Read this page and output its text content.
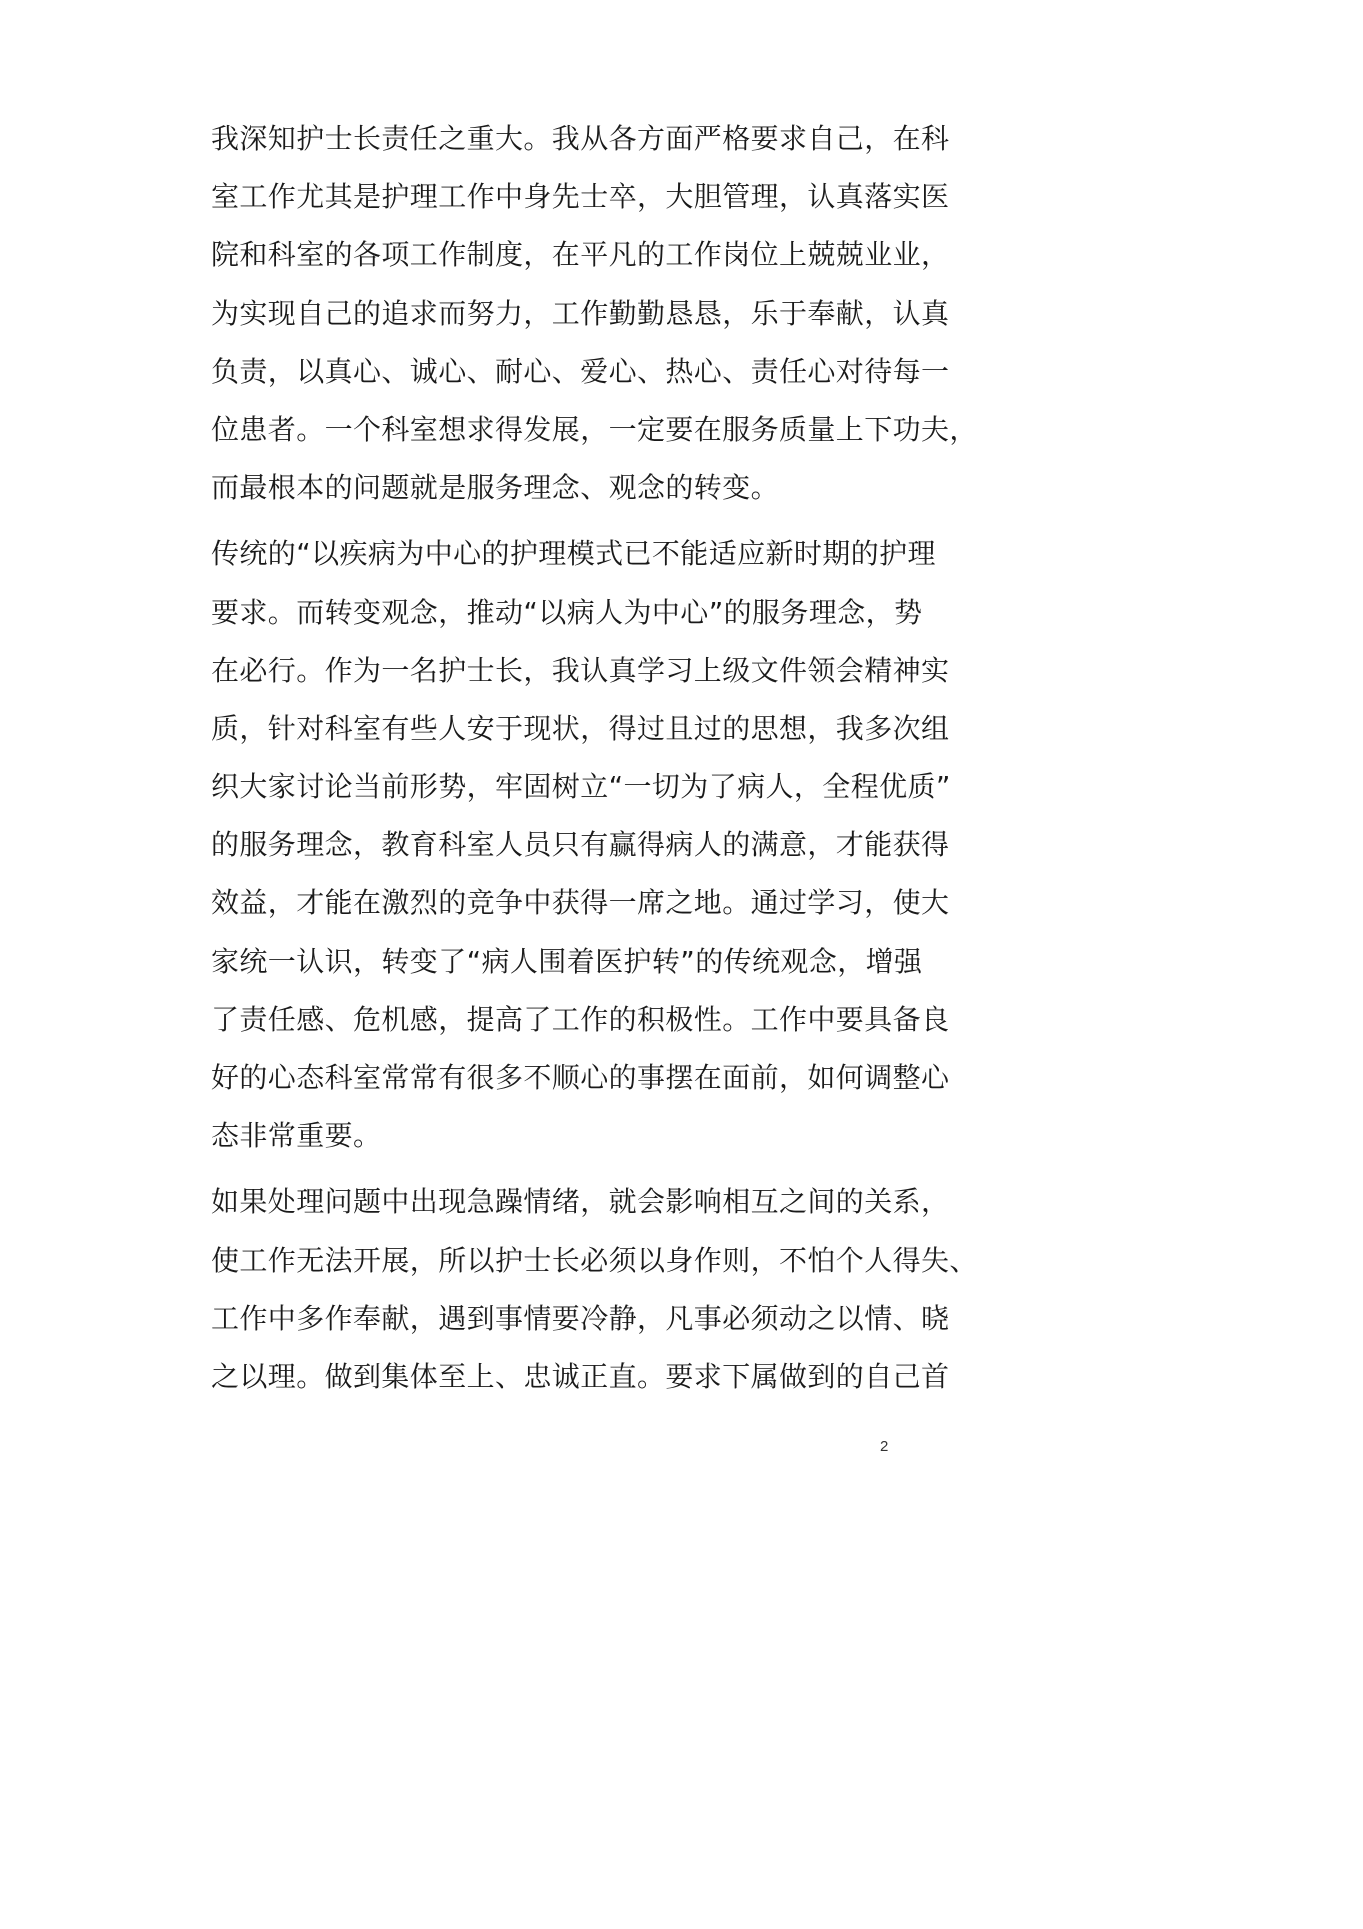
我深知护士长责任之重大。我从各方面严格要求自己，在科
室工作尤其是护理工作中身先士卒，大胆管理，认真落实医
院和科室的各项工作制度，在平凡的工作岗位上兢兢业业，
为实现自己的追求而努力，工作勤勤恳恳，乐于奉献，认真
负责，以真心、诚心、耐心、爱心、热心、责任心对待每一
位患者。一个科室想求得发展，一定要在服务质量上下功夫，
而最根本的问题就是服务理念、观念的转变。

传统的“以疾病为中心的护理模式已不能适应新时期的护理
要求。而转变观念，推动“以病人为中心”的服务理念，势
在必行。作为一名护士长，我认真学习上级文件领会精神实
质，针对科室有些人安于现状，得过且过的思想，我多次组
织大家讨论当前形势，牢固树立“一切为了病人，全程优质”
的服务理念，教育科室人员只有赢得病人的满意，才能获得
效益，才能在激烈的竞争中获得一席之地。通过学习，使大
家统一认识，转变了“病人围着医护转”的传统观念，增强
了责任感、危机感，提高了工作的积极性。工作中要具备良
好的心态科室常常有很多不顺心的事摆在面前，如何调整心
态非常重要。

如果处理问题中出现急躁情绪，就会影响相互之间的关系，
使工作无法开展，所以护士长必须以身作则，不怕个人得失、
工作中多作奉献，遇到事情要冷静，凡事必须动之以情、晓
之以理。做到集体至上、忠诚正直。要求下属做到的自己首

2
